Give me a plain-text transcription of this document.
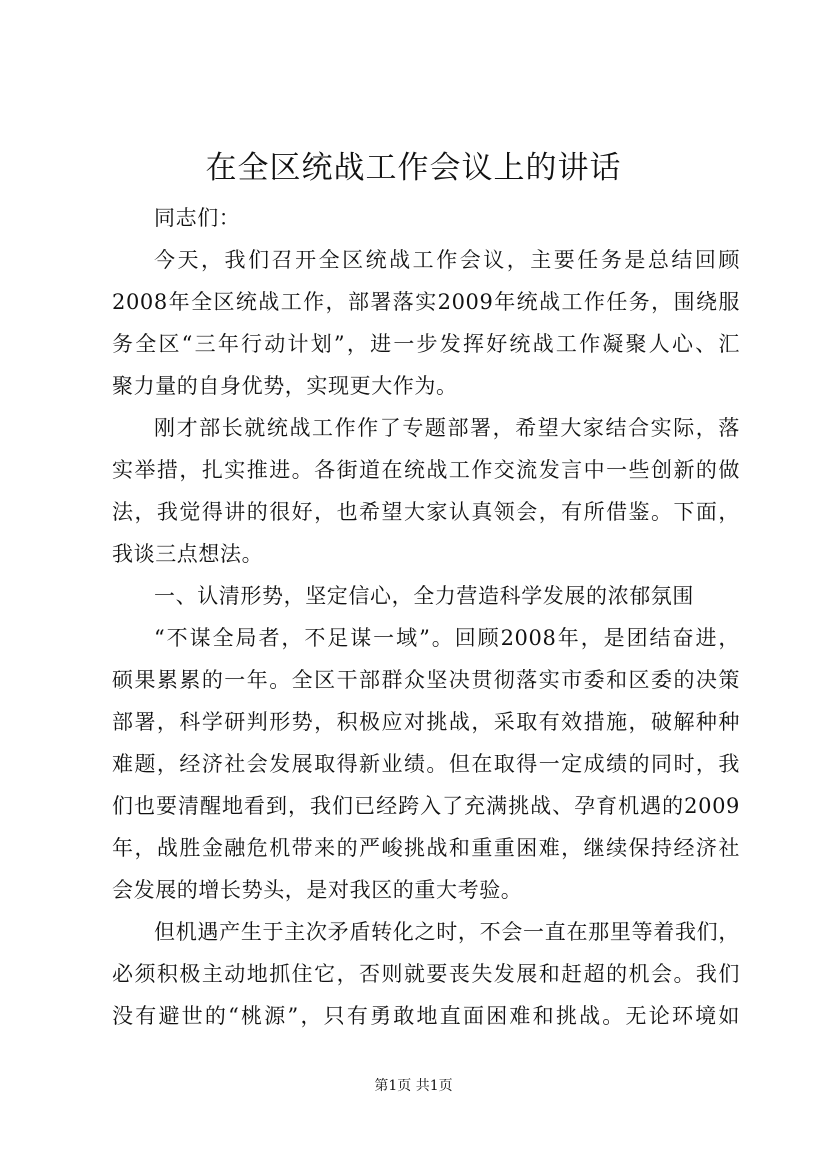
在全区统战工作会议上的讲话
同志们：
今天，我们召开全区统战工作会议，主要任务是总结回顾
2008年全区统战工作，部署落实2009年统战工作任务，围绕服
务全区“三年行动计划”，进一步发挥好统战工作凝聚人心、汇
聚力量的自身优势，实现更大作为。
刚才部长就统战工作作了专题部署，希望大家结合实际，落
实举措，扎实推进。各街道在统战工作交流发言中一些创新的做
法，我觉得讲的很好，也希望大家认真领会，有所借鉴。下面，
我谈三点想法。
一、认清形势，坚定信心，全力营造科学发展的浓郁氛围
“不谋全局者，不足谋一域”。回顾2008年，是团结奋进，
硕果累累的一年。全区干部群众坚决贯彻落实市委和区委的决策
部署，科学研判形势，积极应对挑战，采取有效措施，破解种种
难题，经济社会发展取得新业绩。但在取得一定成绩的同时，我
们也要清醒地看到，我们已经跨入了充满挑战、孕育机遇的2009
年，战胜金融危机带来的严峻挑战和重重困难，继续保持经济社
会发展的增长势头，是对我区的重大考验。
但机遇产生于主次矛盾转化之时，不会一直在那里等着我们，
必须积极主动地抓住它，否则就要丧失发展和赶超的机会。我们
没有避世的“桃源”，只有勇敢地直面困难和挑战。无论环境如
第1页 共1页
